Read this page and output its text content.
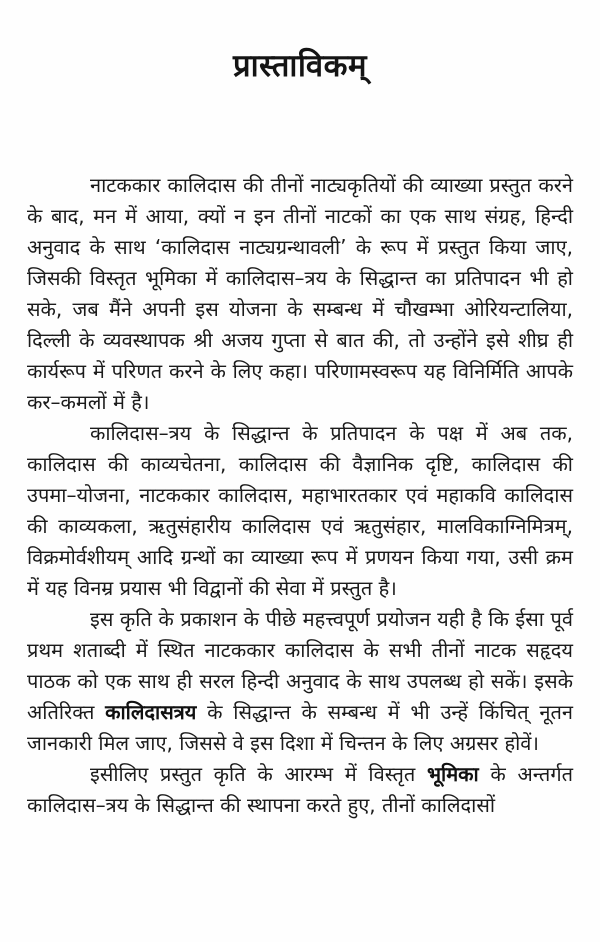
प्रास्ताविकम्

नाटककार कालिदास की तीनों नाट्यकृतियों की व्याख्या प्रस्तुत करने के बाद, मन में आया, क्यों न इन तीनों नाटकों का एक साथ संग्रह, हिन्दी अनुवाद के साथ ‘कालिदास नाट्यग्रन्थावली’ के रूप में प्रस्तुत किया जाए, जिसकी विस्तृत भूमिका में कालिदास–त्रय के सिद्धान्त का प्रतिपादन भी हो सके, जब मैंने अपनी इस योजना के सम्बन्ध में चौखम्भा ओरियन्टालिया, दिल्ली के व्यवस्थापक श्री अजय गुप्ता से बात की, तो उन्होंने इसे शीघ्र ही कार्यरूप में परिणत करने के लिए कहा। परिणामस्वरूप यह विनिर्मिति आपके कर–कमलों में है।

कालिदास–त्रय के सिद्धान्त के प्रतिपादन के पक्ष में अब तक, कालिदास की काव्यचेतना, कालिदास की वैज्ञानिक दृष्टि, कालिदास की उपमा–योजना, नाटककार कालिदास, महाभारतकार एवं महाकवि कालिदास की काव्यकला, ऋतुसंहारीय कालिदास एवं ऋतुसंहार, मालविकाग्निमित्रम्, विक्रमोर्वशीयम् आदि ग्रन्थों का व्याख्या रूप में प्रणयन किया गया, उसी क्रम में यह विनम्र प्रयास भी विद्वानों की सेवा में प्रस्तुत है।

इस कृति के प्रकाशन के पीछे महत्त्वपूर्ण प्रयोजन यही है कि ईसा पूर्व प्रथम शताब्दी में स्थित नाटककार कालिदास के सभी तीनों नाटक सहृदय पाठक को एक साथ ही सरल हिन्दी अनुवाद के साथ उपलब्ध हो सकें। इसके अतिरिक्त कालिदासत्रय के सिद्धान्त के सम्बन्ध में भी उन्हें किंचित् नूतन जानकारी मिल जाए, जिससे वे इस दिशा में चिन्तन के लिए अग्रसर होवें।

इसीलिए प्रस्तुत कृति के आरम्भ में विस्तृत भूमिका के अन्तर्गत कालिदास–त्रय के सिद्धान्त की स्थापना करते हुए, तीनों कालिदासों
